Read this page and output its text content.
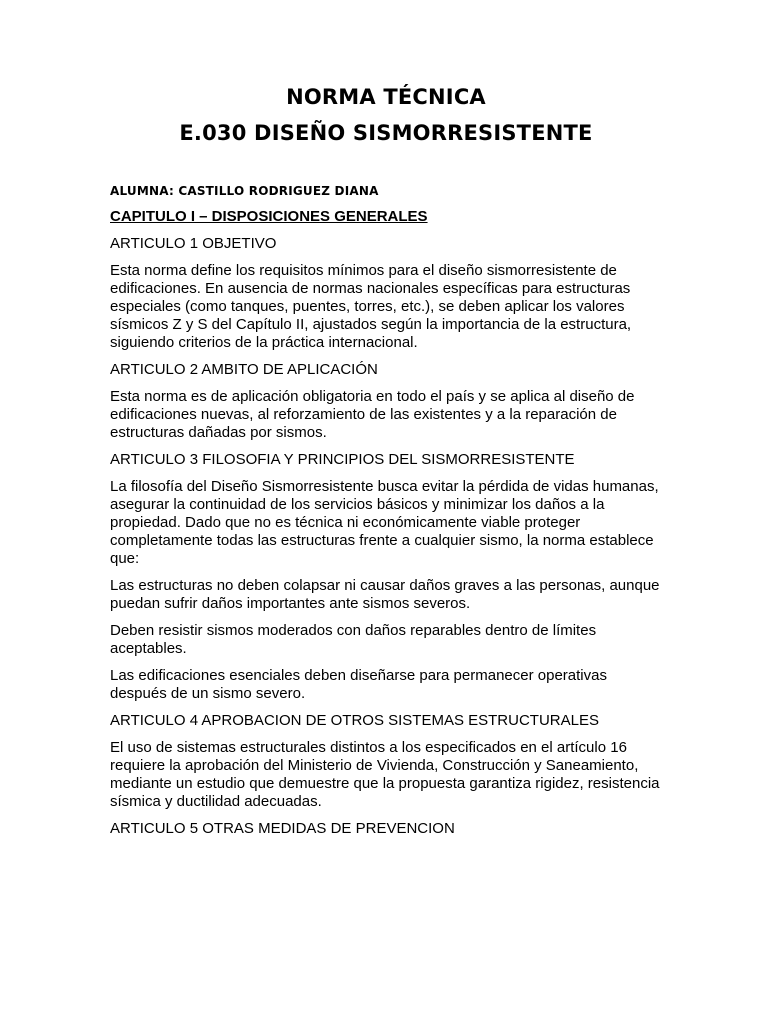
NORMA TÉCNICA
E.030 DISEÑO SISMORRESISTENTE

ALUMNA: CASTILLO RODRIGUEZ DIANA

CAPITULO I – DISPOSICIONES GENERALES

ARTICULO 1 OBJETIVO

Esta norma define los requisitos mínimos para el diseño sismorresistente de edificaciones. En ausencia de normas nacionales específicas para estructuras especiales (como tanques, puentes, torres, etc.), se deben aplicar los valores sísmicos Z y S del Capítulo II, ajustados según la importancia de la estructura, siguiendo criterios de la práctica internacional.

ARTICULO 2 AMBITO DE APLICACIÓN

Esta norma es de aplicación obligatoria en todo el país y se aplica al diseño de edificaciones nuevas, al reforzamiento de las existentes y a la reparación de estructuras dañadas por sismos.

ARTICULO 3 FILOSOFIA Y PRINCIPIOS DEL SISMORRESISTENTE

La filosofía del Diseño Sismorresistente busca evitar la pérdida de vidas humanas, asegurar la continuidad de los servicios básicos y minimizar los daños a la propiedad. Dado que no es técnica ni económicamente viable proteger completamente todas las estructuras frente a cualquier sismo, la norma establece que:

Las estructuras no deben colapsar ni causar daños graves a las personas, aunque puedan sufrir daños importantes ante sismos severos.

Deben resistir sismos moderados con daños reparables dentro de límites aceptables.

Las edificaciones esenciales deben diseñarse para permanecer operativas después de un sismo severo.

ARTICULO 4 APROBACION DE OTROS SISTEMAS ESTRUCTURALES

El uso de sistemas estructurales distintos a los especificados en el artículo 16 requiere la aprobación del Ministerio de Vivienda, Construcción y Saneamiento, mediante un estudio que demuestre que la propuesta garantiza rigidez, resistencia sísmica y ductilidad adecuadas.

ARTICULO 5 OTRAS MEDIDAS DE PREVENCION
